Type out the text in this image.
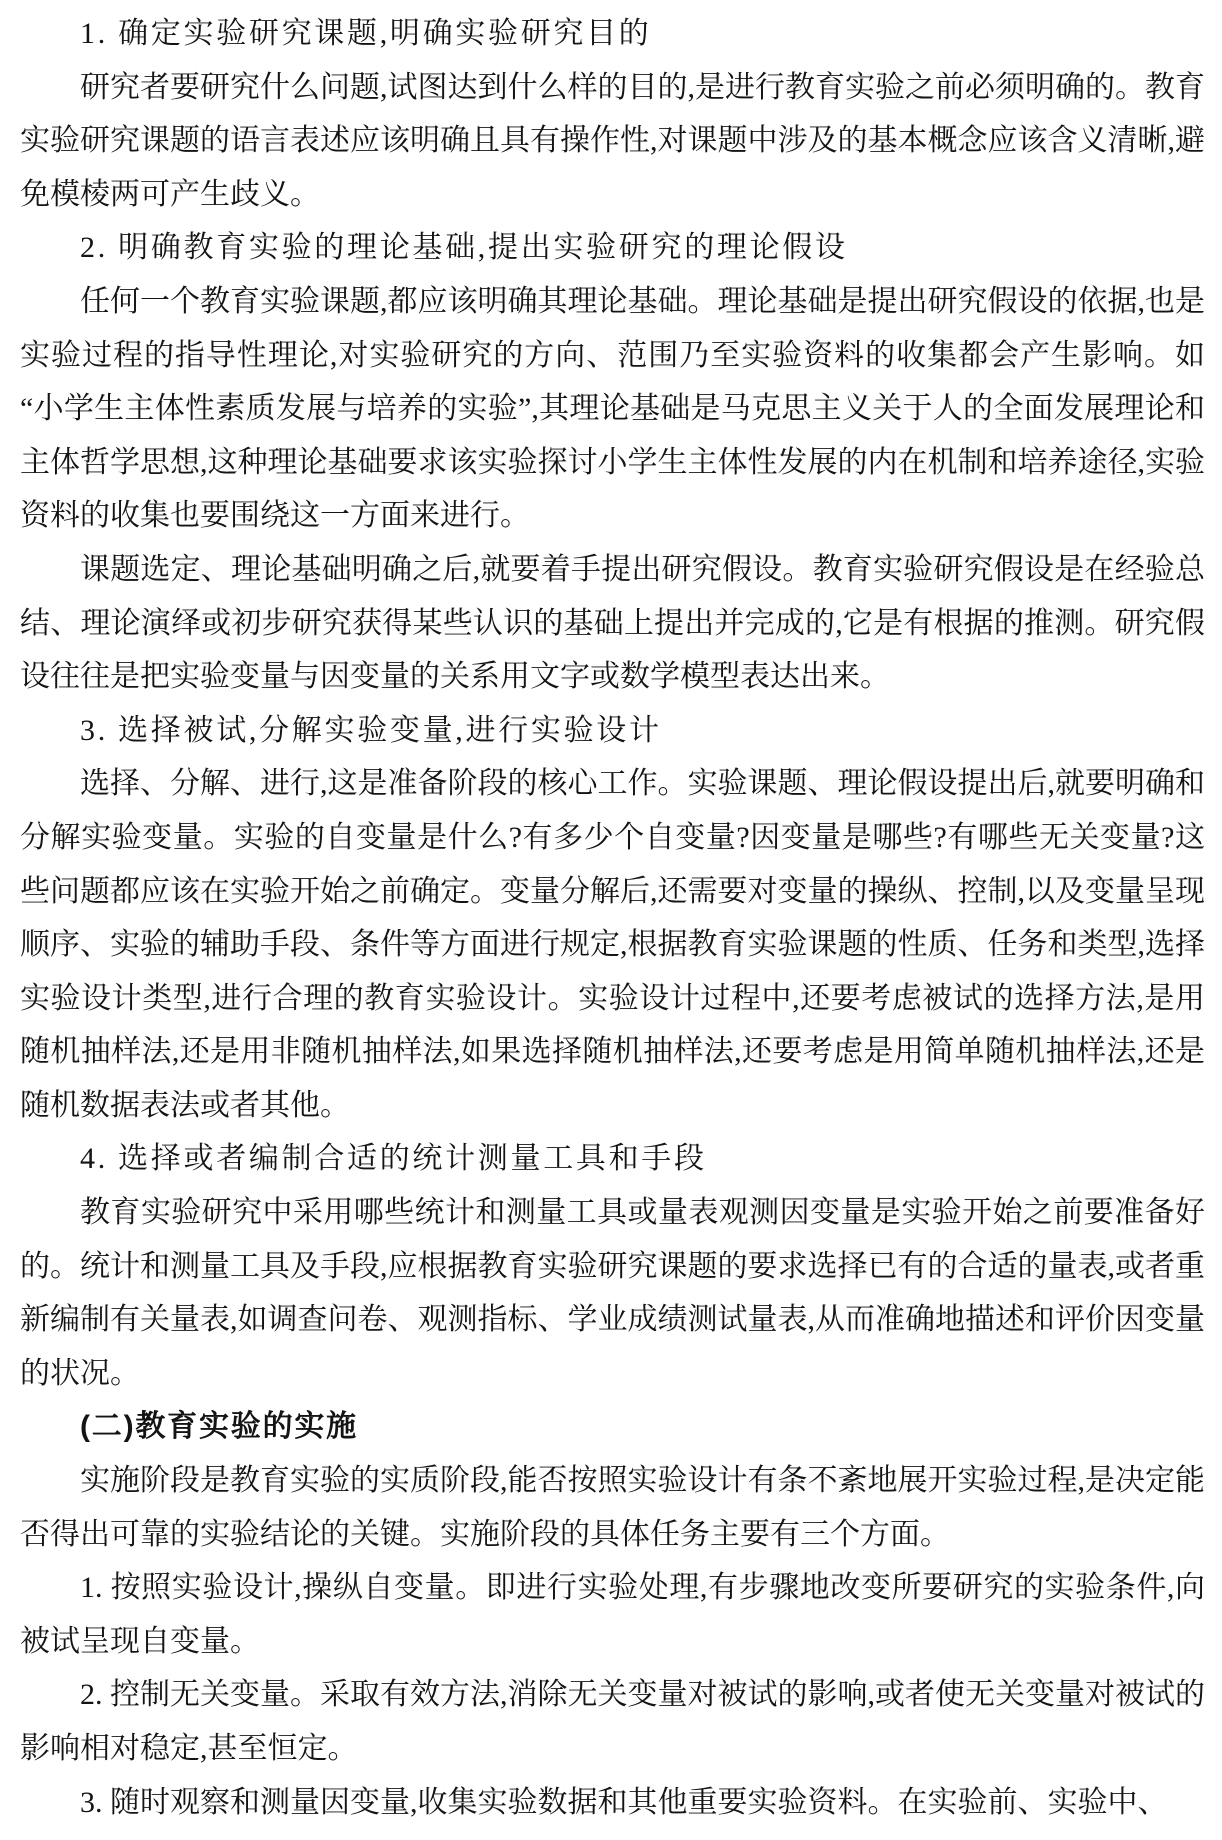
1. 确定实验研究课题,明确实验研究目的
研究者要研究什么问题,试图达到什么样的目的,是进行教育实验之前必须明确的。教育实验研究课题的语言表述应该明确且具有操作性,对课题中涉及的基本概念应该含义清晰,避免模棱两可产生歧义。
2. 明确教育实验的理论基础,提出实验研究的理论假设
任何一个教育实验课题,都应该明确其理论基础。理论基础是提出研究假设的依据,也是实验过程的指导性理论,对实验研究的方向、范围乃至实验资料的收集都会产生影响。如“小学生主体性素质发展与培养的实验”,其理论基础是马克思主义关于人的全面发展理论和主体哲学思想,这种理论基础要求该实验探讨小学生主体性发展的内在机制和培养途径,实验资料的收集也要围绕这一方面来进行。
课题选定、理论基础明确之后,就要着手提出研究假设。教育实验研究假设是在经验总结、理论演绎或初步研究获得某些认识的基础上提出并完成的,它是有根据的推测。研究假设往往是把实验变量与因变量的关系用文字或数学模型表达出来。
3. 选择被试,分解实验变量,进行实验设计
选择、分解、进行,这是准备阶段的核心工作。实验课题、理论假设提出后,就要明确和分解实验变量。实验的自变量是什么?有多少个自变量?因变量是哪些?有哪些无关变量?这些问题都应该在实验开始之前确定。变量分解后,还需要对变量的操纵、控制,以及变量呈现顺序、实验的辅助手段、条件等方面进行规定,根据教育实验课题的性质、任务和类型,选择实验设计类型,进行合理的教育实验设计。实验设计过程中,还要考虑被试的选择方法,是用随机抽样法,还是用非随机抽样法,如果选择随机抽样法,还要考虑是用简单随机抽样法,还是随机数据表法或者其他。
4. 选择或者编制合适的统计测量工具和手段
教育实验研究中采用哪些统计和测量工具或量表观测因变量是实验开始之前要准备好的。统计和测量工具及手段,应根据教育实验研究课题的要求选择已有的合适的量表,或者重新编制有关量表,如调查问卷、观测指标、学业成绩测试量表,从而准确地描述和评价因变量的状况。
(二)教育实验的实施
实施阶段是教育实验的实质阶段,能否按照实验设计有条不紊地展开实验过程,是决定能否得出可靠的实验结论的关键。实施阶段的具体任务主要有三个方面。
1. 按照实验设计,操纵自变量。即进行实验处理,有步骤地改变所要研究的实验条件,向被试呈现自变量。
2. 控制无关变量。采取有效方法,消除无关变量对被试的影响,或者使无关变量对被试的影响相对稳定,甚至恒定。
3. 随时观察和测量因变量,收集实验数据和其他重要实验资料。在实验前、实验中、
